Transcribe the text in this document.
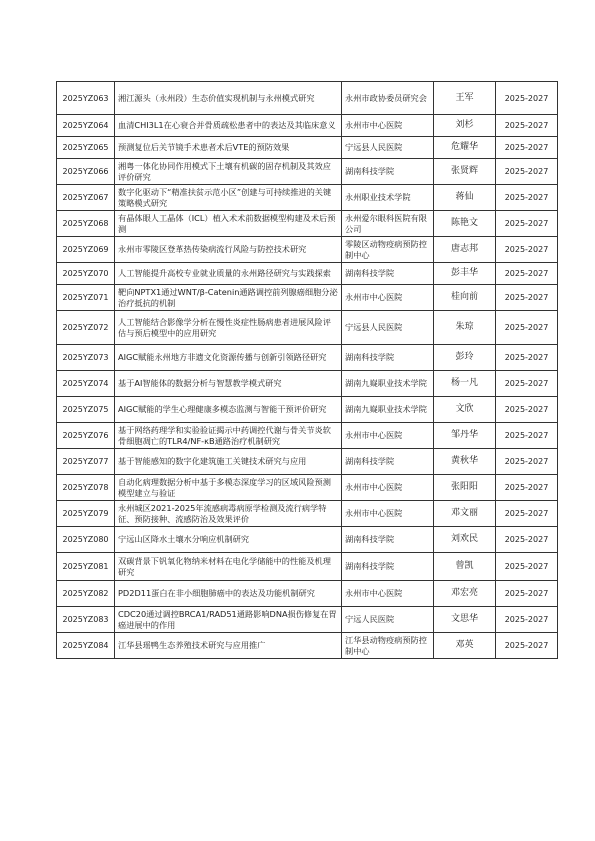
2025YZ063	湘江源头（永州段）生态价值实现机制与永州模式研究	永州市政协委员研究会	王军	2025-2027
2025YZ064	血清CHI3L1在心衰合并骨质疏松患者中的表达及其临床意义	永州市中心医院	刘杉	2025-2027
2025YZ065	预测复位后关节镜手术患者术后VTE的预防效果	宁远县人民医院	危耀华	2025-2027
2025YZ066	湘粤一体化协同作用模式下土壤有机碳的固存机制及其效应评价研究	湖南科技学院	张贤辉	2025-2027
2025YZ067	数字化驱动下“精准扶贫示范小区”创建与可持续推进的关键策略模式研究	永州职业技术学院	蒋仙	2025-2027
2025YZ068	有晶体眼人工晶体（ICL）植入术术前数据模型构建及术后预测	永州爱尔眼科医院有限公司	陈艳文	2025-2027
2025YZ069	永州市零陵区登革热传染病流行风险与防控技术研究	零陵区动物疫病预防控制中心	唐志邦	2025-2027
2025YZ070	人工智能提升高校专业就业质量的永州路径研究与实践探索	湖南科技学院	彭丰华	2025-2027
2025YZ071	靶向NPTX1通过WNT/β-Catenin通路调控前列腺癌细胞分泌治疗抵抗的机制	永州市中心医院	桂向前	2025-2027
2025YZ072	人工智能结合影像学分析在慢性炎症性肠病患者进展风险评估与预后模型中的应用研究	宁远县人民医院	朱琼	2025-2027
2025YZ073	AIGC赋能永州地方非遗文化资源传播与创新引领路径研究	湖南科技学院	彭玲	2025-2027
2025YZ074	基于AI智能体的数据分析与智慧教学模式研究	湖南九嶷职业技术学院	杨一凡	2025-2027
2025YZ075	AIGC赋能的学生心理健康多模态监测与智能干预评价研究	湖南九嶷职业技术学院	文欣	2025-2027
2025YZ076	基于网络药理学和实验验证揭示中药调控代谢与骨关节炎软骨细胞凋亡的TLR4/NF-κB通路治疗机制研究	永州市中心医院	邹丹华	2025-2027
2025YZ077	基于智能感知的数字化建筑施工关键技术研究与应用	湖南科技学院	黄秋华	2025-2027
2025YZ078	自动化病理数据分析中基于多模态深度学习的区域风险预测模型建立与验证	永州市中心医院	张阳阳	2025-2027
2025YZ079	永州城区2021-2025年流感病毒病原学检测及流行病学特征、预防接种、流感防治及效果评价	永州市中心医院	邓文丽	2025-2027
2025YZ080	宁远山区降水土壤水分响应机制研究	湖南科技学院	刘欢民	2025-2027
2025YZ081	双碳背景下钒氧化物纳米材料在电化学储能中的性能及机理研究	湖南科技学院	曾凯	2025-2027
2025YZ082	PD2D11蛋白在非小细胞肺癌中的表达及功能机制研究	永州市中心医院	邓宏亮	2025-2027
2025YZ083	CDC20通过调控BRCA1/RAD51通路影响DNA损伤修复在胃癌进展中的作用	宁远人民医院	文思华	2025-2027
2025YZ084	江华县瑶鸭生态养殖技术研究与应用推广	江华县动物疫病预防控制中心	邓英	2025-2027
